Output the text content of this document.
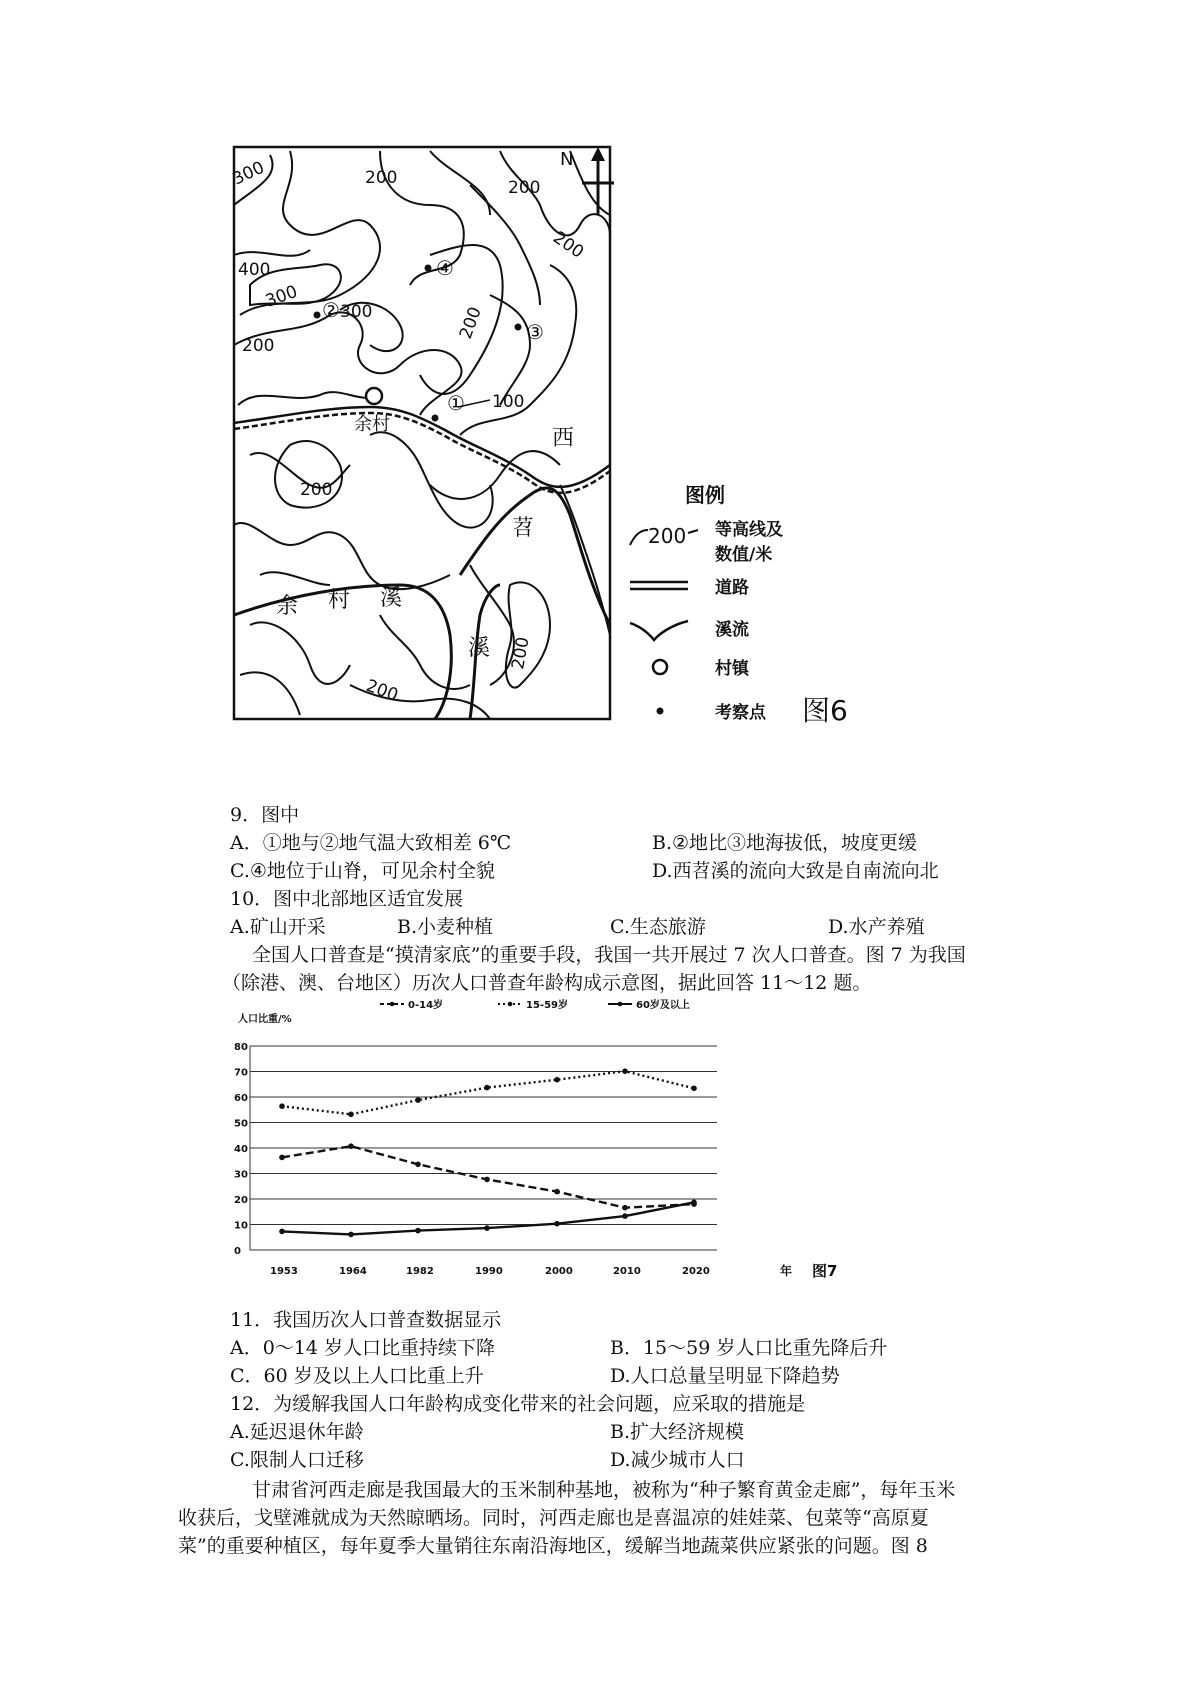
余村
①
②
③
④
300	200	200
200
400
300
300	200
200
100
200
200
200
西
苕
溪
余 村 溪
N
图例
200 等高线及
数值/米
道路
溪流
村镇
考察点 图6
9．图中
A．①地与②地气温大致相差 6℃	B.②地比③地海拔低，坡度更缓
C.④地位于山脊，可见余村全貌	D.西苕溪的流向大致是自南流向北
10．图中北部地区适宜发展
A.矿山开采	B.小麦种植	C.生态旅游	D.水产养殖
全国人口普查是“摸清家底”的重要手段，我国一共开展过 7 次人口普查。图 7 为我国
（除港、澳、台地区）历次人口普查年龄构成示意图，据此回答 11～12 题。
0-14岁	15-59岁	60岁及以上
人口比重/%
0
10
20
30
40
50
60
70
80
1953	1964	1982	1990	2000	2010	2020	年 图7
11．我国历次人口普查数据显示
A．0～14 岁人口比重持续下降	B．15～59 岁人口比重先降后升
C．60 岁及以上人口比重上升	D.人口总量呈明显下降趋势
12．为缓解我国人口年龄构成变化带来的社会问题，应采取的措施是
A.延迟退休年龄	B.扩大经济规模
C.限制人口迁移	D.减少城市人口
甘肃省河西走廊是我国最大的玉米制种基地，被称为“种子繁育黄金走廊”，每年玉米
收获后，戈壁滩就成为天然晾晒场。同时，河西走廊也是喜温凉的娃娃菜、包菜等“高原夏
菜”的重要种植区，每年夏季大量销往东南沿海地区，缓解当地蔬菜供应紧张的问题。图 8
